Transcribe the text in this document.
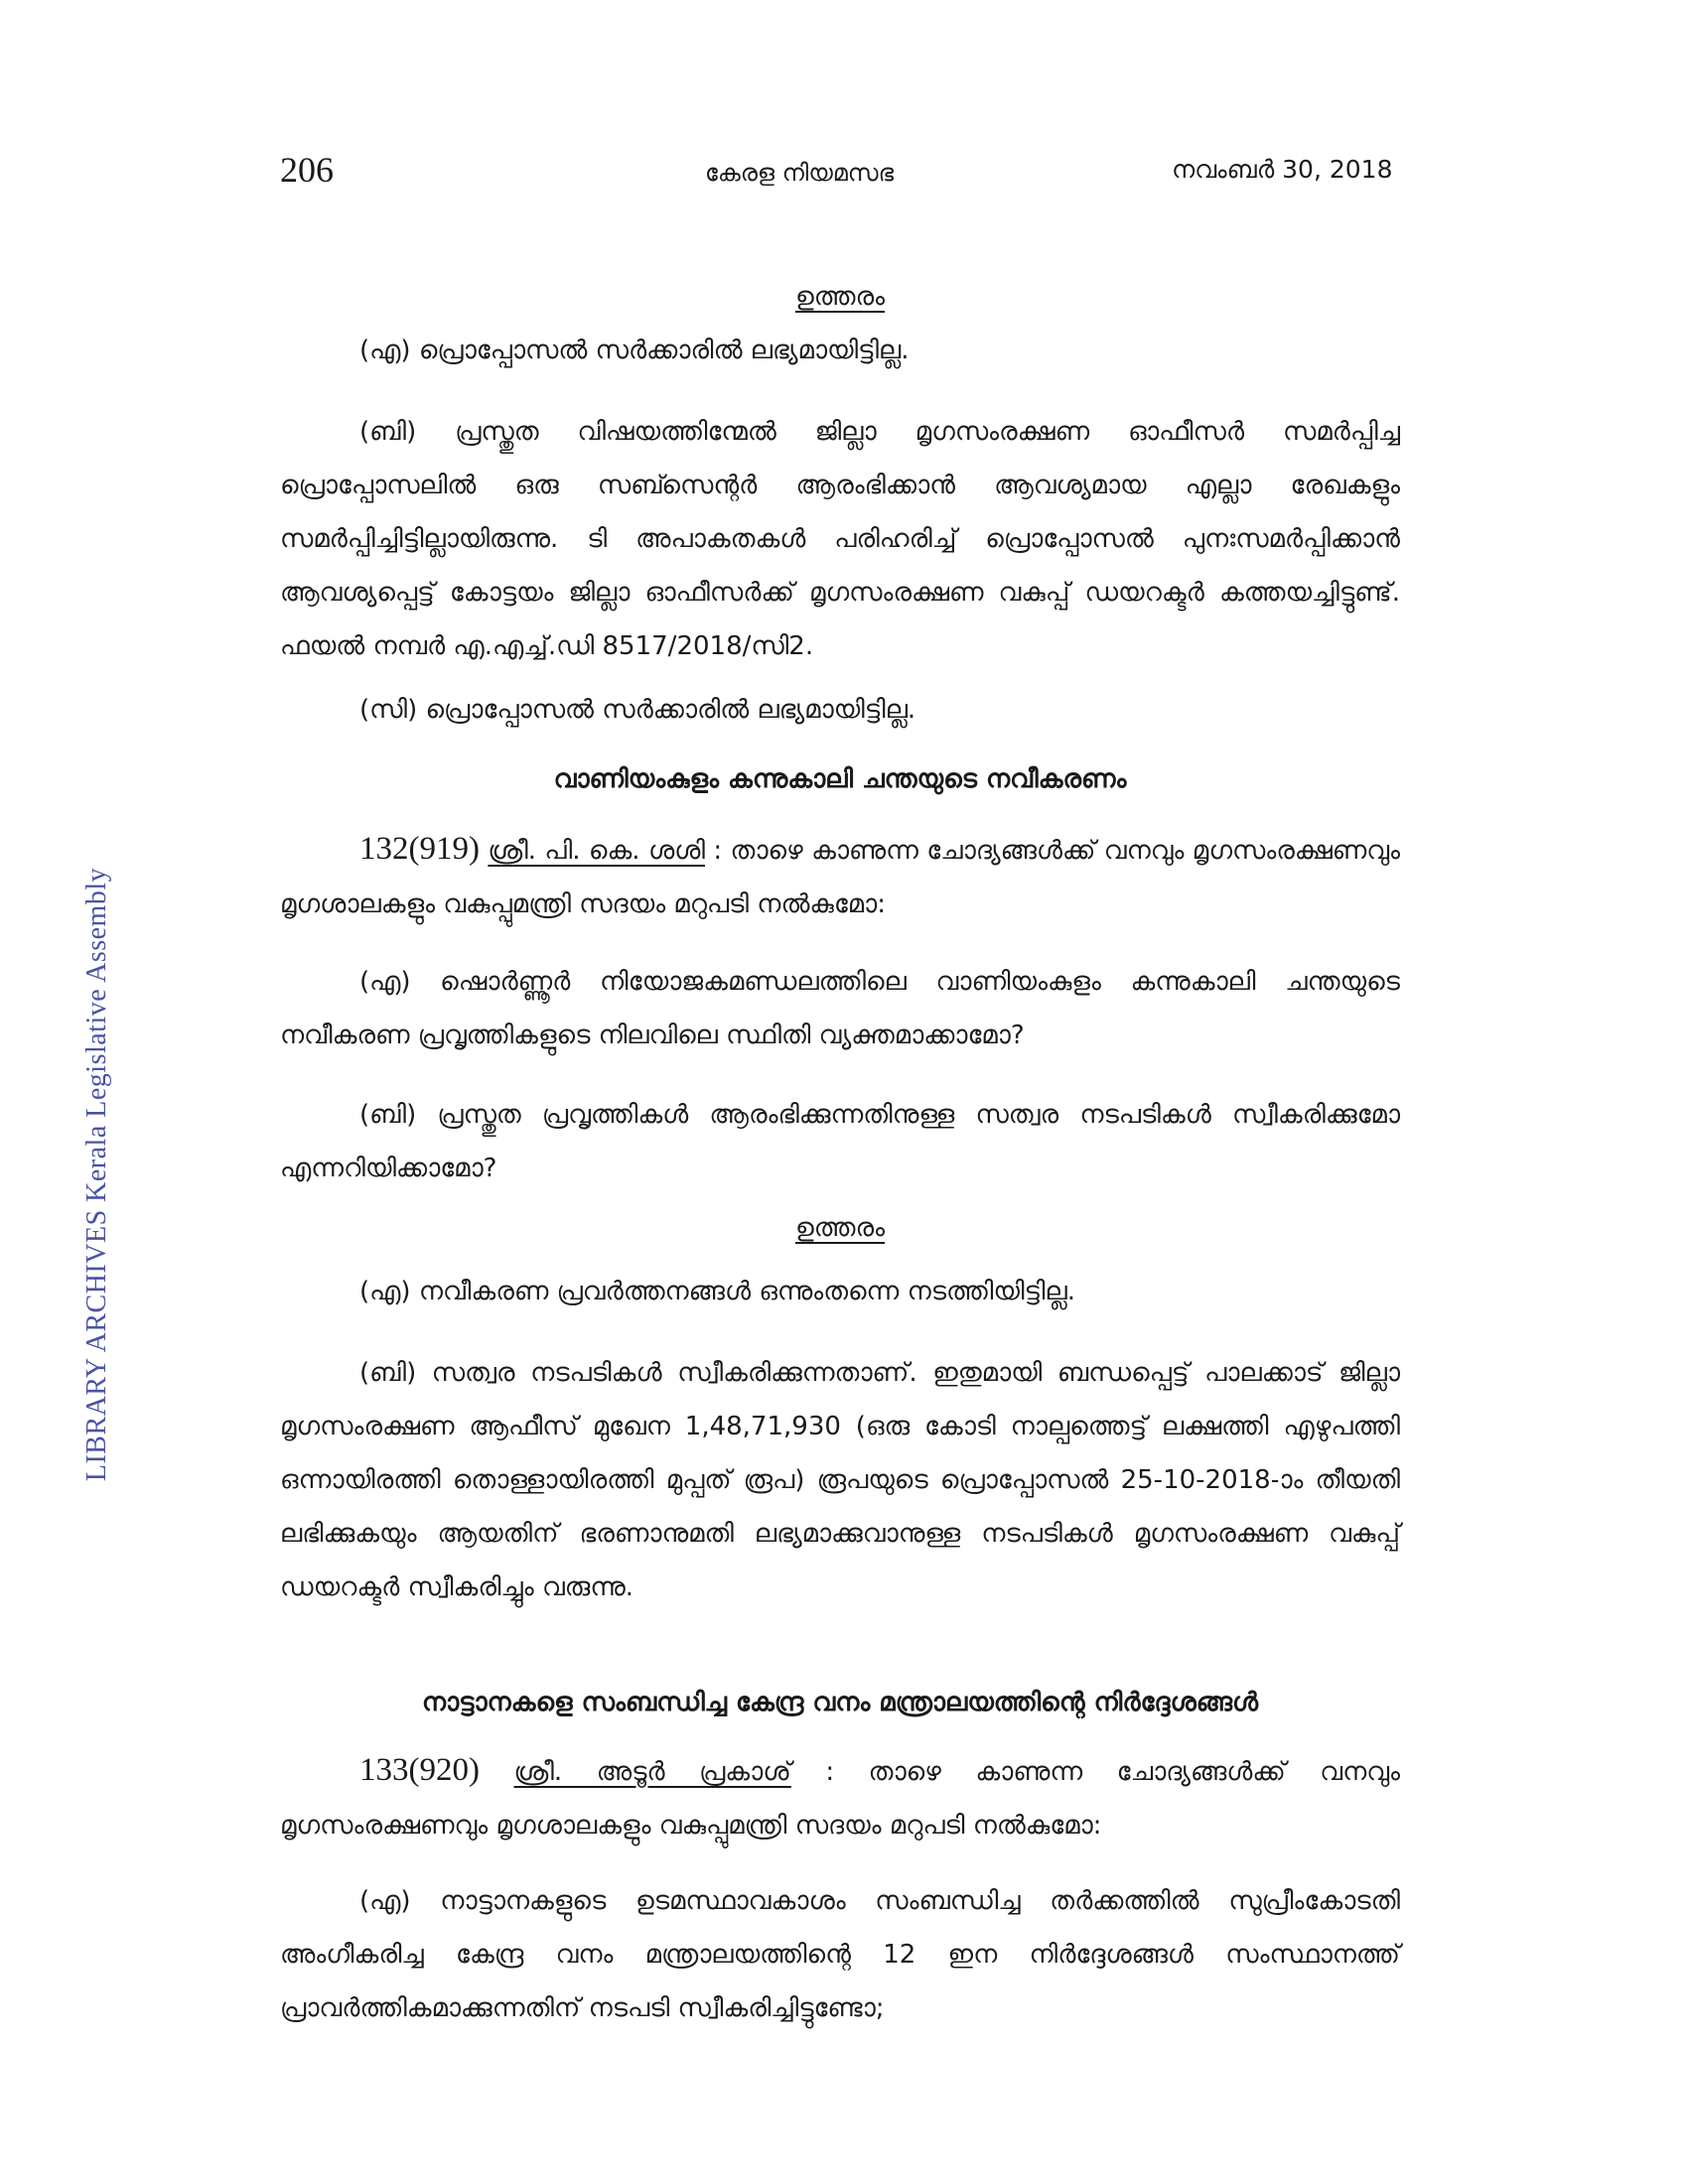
206	കേരള നിയമസഭ	നവംബർ 30, 2018
LIBRARY ARCHIVES Kerala Legislative Assembly
ഉത്തരം

(എ) പ്രൊപ്പോസൽ സർക്കാരിൽ ലഭ്യമായിട്ടില്ല.

(ബി) പ്രസ്തുത വിഷയത്തിന്മേൽ ജില്ലാ മൃഗസംരക്ഷണ ഓഫീസർ സമർപ്പിച്ച പ്രൊപ്പോസലിൽ ഒരു സബ്സെന്റർ ആരംഭിക്കാൻ ആവശ്യമായ എല്ലാ രേഖകളും സമർപ്പിച്ചിട്ടില്ലായിരുന്നു. ടി അപാകതകൾ പരിഹരിച്ച് പ്രൊപ്പോസൽ പുനഃസമർപ്പിക്കാൻ ആവശ്യപ്പെട്ട് കോട്ടയം ജില്ലാ ഓഫീസർക്ക് മൃഗസംരക്ഷണ വകുപ്പ് ഡയറക്ടർ കത്തയച്ചിട്ടുണ്ട്. ഫയൽ നമ്പർ എ.എച്ച്.ഡി 8517/2018/സി2.

(സി) പ്രൊപ്പോസൽ സർക്കാരിൽ ലഭ്യമായിട്ടില്ല.

വാണിയംകുളം കന്നുകാലി ചന്തയുടെ നവീകരണം

132(919) ശ്രീ. പി. കെ. ശശി : താഴെ കാണുന്ന ചോദ്യങ്ങൾക്ക് വനവും മൃഗസംരക്ഷണവും മൃഗശാലകളും വകുപ്പുമന്ത്രി സദയം മറുപടി നൽകുമോ:

(എ) ഷൊർണ്ണൂർ നിയോജകമണ്ഡലത്തിലെ വാണിയംകുളം കന്നുകാലി ചന്തയുടെ നവീകരണ പ്രവൃത്തികളുടെ നിലവിലെ സ്ഥിതി വ്യക്തമാക്കാമോ?

(ബി) പ്രസ്തുത പ്രവൃത്തികൾ ആരംഭിക്കുന്നതിനുള്ള സത്വര നടപടികൾ സ്വീകരിക്കുമോ എന്നറിയിക്കാമോ?

ഉത്തരം

(എ) നവീകരണ പ്രവർത്തനങ്ങൾ ഒന്നുംതന്നെ നടത്തിയിട്ടില്ല.

(ബി) സത്വര നടപടികൾ സ്വീകരിക്കുന്നതാണ്. ഇതുമായി ബന്ധപ്പെട്ട് പാലക്കാട് ജില്ലാ മൃഗസംരക്ഷണ ആഫീസ് മുഖേന 1,48,71,930 (ഒരു കോടി നാല്പത്തെട്ട് ലക്ഷത്തി എഴുപത്തി ഒന്നായിരത്തി തൊള്ളായിരത്തി മുപ്പത് രൂപ) രൂപയുടെ പ്രൊപ്പോസൽ 25-10-2018-ാം തീയതി ലഭിക്കുകയും ആയതിന് ഭരണാനുമതി ലഭ്യമാക്കുവാനുള്ള നടപടികൾ മൃഗസംരക്ഷണ വകുപ്പ് ഡയറക്ടർ സ്വീകരിച്ചും വരുന്നു.

നാട്ടാനകളെ സംബന്ധിച്ച കേന്ദ്ര വനം മന്ത്രാലയത്തിന്റെ നിർദ്ദേശങ്ങൾ

133(920) ശ്രീ. അടൂർ പ്രകാശ് : താഴെ കാണുന്ന ചോദ്യങ്ങൾക്ക് വനവും മൃഗസംരക്ഷണവും മൃഗശാലകളും വകുപ്പുമന്ത്രി സദയം മറുപടി നൽകുമോ:

(എ) നാട്ടാനകളുടെ ഉടമസ്ഥാവകാശം സംബന്ധിച്ച തർക്കത്തിൽ സുപ്രീംകോടതി അംഗീകരിച്ച കേന്ദ്ര വനം മന്ത്രാലയത്തിന്റെ 12 ഇന നിർദ്ദേശങ്ങൾ സംസ്ഥാനത്ത് പ്രാവർത്തികമാക്കുന്നതിന് നടപടി സ്വീകരിച്ചിട്ടുണ്ടോ;
